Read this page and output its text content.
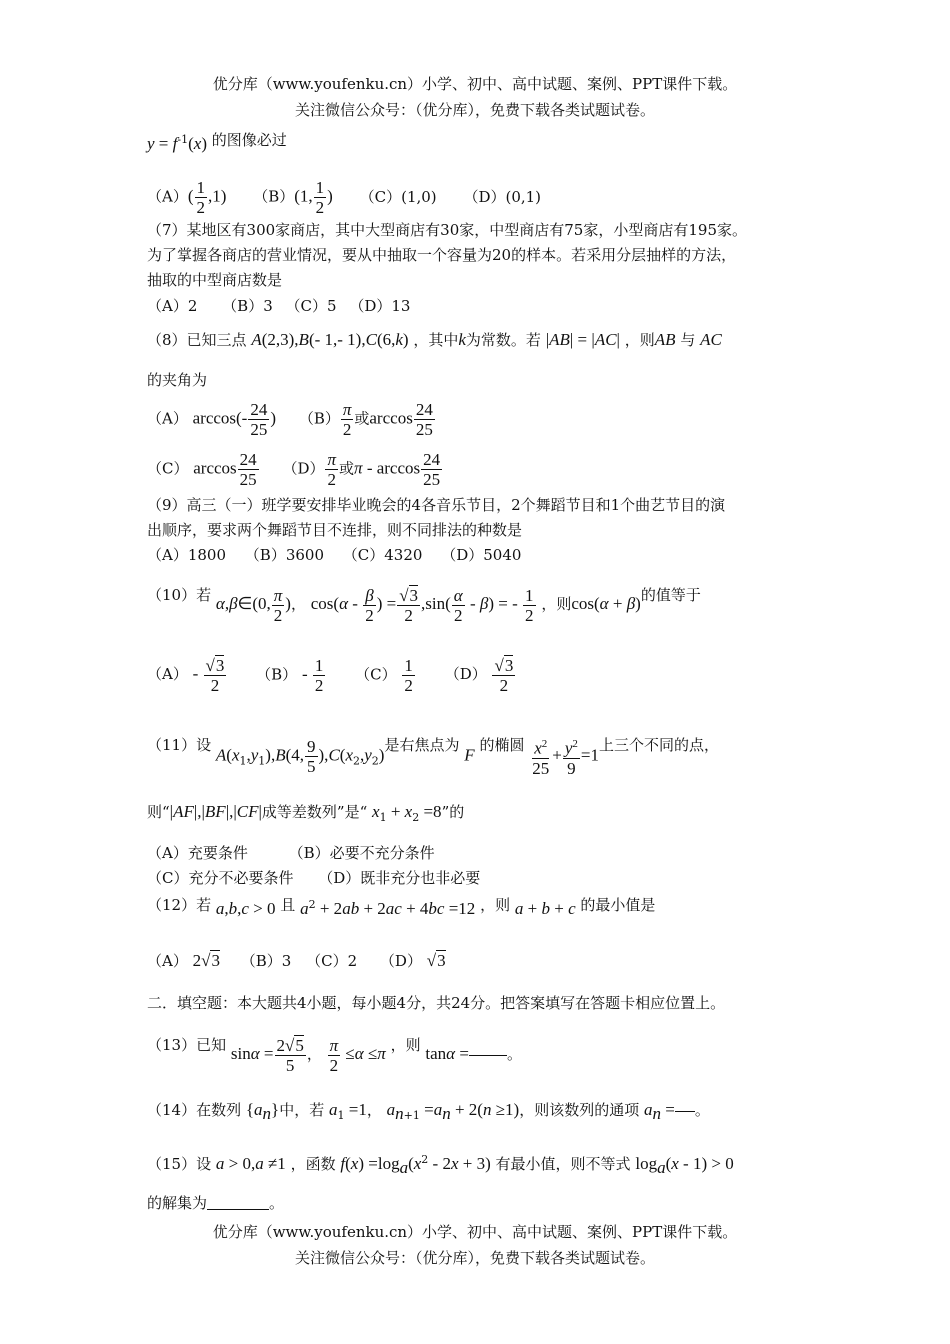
优分库（www.youfenku.cn）小学、初中、高中试题、案例、PPT课件下载。
关注微信公众号：（优分库），免费下载各类试题试卷。
$y = f^{-1}(x)$ 的图像必过
$(A)( \frac{1}{2} ,1)$ （B）(1, $\frac{1}{2}$ ) （C）(1,0) （D）(0,1)
（7）某地区有300家商店，其中大型商店有30家，中型商店有75家，小型商店有195家。
为了掌握各商店的营业情况，要从中抽取一个容量为20的样本。若采用分层抽样的方法，
抽取的中型商店数是
（A）2 （B）3 （C）5 （D）13
（8）已知三点 A(2,3),B(- 1,- 1),C(6,k) ，其中k为常数。若 |AB| = |AC| ，则AB 与 AC
的夹角为
（A） $\arccos(- \frac{24}{25}$ ) $(B) \frac{\pi}{2}$ 或$\arccos \frac{24}{25}$
（C） $\arccos \frac{24}{25} (D) \frac{\pi}{2}$ 或π - $\arccos \frac{24}{25}$
（9）高三（一）班学要安排毕业晚会的4各音乐节目，2个舞蹈节目和1个曲艺节目的演
出顺序，要求两个舞蹈节目不连排，则不同排法的种数是
（A）1800 （B）3600 （C）4320 （D）5040
（10）若 α,β∈(0, $\frac{\pi}{2}$ )， $\cos(\alpha - \frac{\beta}{2}$ ) = $\frac{√3}{2} ,\sin( \frac{\alpha}{2} - \beta)$ = - $\frac{1}{2}$ ，则cos(α + β)的值等于
$(A) - \frac{√3}{2} (B) - \frac{1}{2} (C) \frac{1}{2} (D) \frac{√3}{2}$
（11）设 $A(x_1,y_1),B(4$, $\frac{9}{5} ),C(x_2,y_2)$是右焦点为 F 的椭圆 $\frac{x^2}{25} + \frac{y^2}{9} =1$上三个不同的点，
则“|AF|,|BF|,|CF|成等差数列”是“ $x_1 + x_2 =8$”的
（A）充要条件	（B）必要不充分条件
（C）充分不必要条件 （D）既非充分也非必要
（12）若 a,b,c > 0 且 $a^2 + 2ab + 2ac + 4bc =12$ ，则 a + b + c 的最小值是
（A） 2√3 （B）3 （C）2 （D） √3
二．填空题：本大题共4小题，每小题4分，共24分。把答案填写在答题卡相应位置上。
（13）已知 $\sin\alpha = \frac{2√5}{5}$ ， $\frac{\pi}{2} \le\alpha \le\pi$ ，则 tanα =	。
（14）在数列 $\{a_n\}$中，若 $a_1 =1$， $a_{n+1} =a_n + 2(n \ge 1)$，则该数列的通项 $a_n$ = 。
（15）设 a > 0,a ≠1 ，函数 $f(x) =\log_a(x^2 - 2x + 3)$ 有最小值，则不等式 $\log_a(x - 1) > 0$
的解集为	。
优分库（www.youfenku.cn）小学、初中、高中试题、案例、PPT课件下载。
关注微信公众号：（优分库），免费下载各类试题试卷。
